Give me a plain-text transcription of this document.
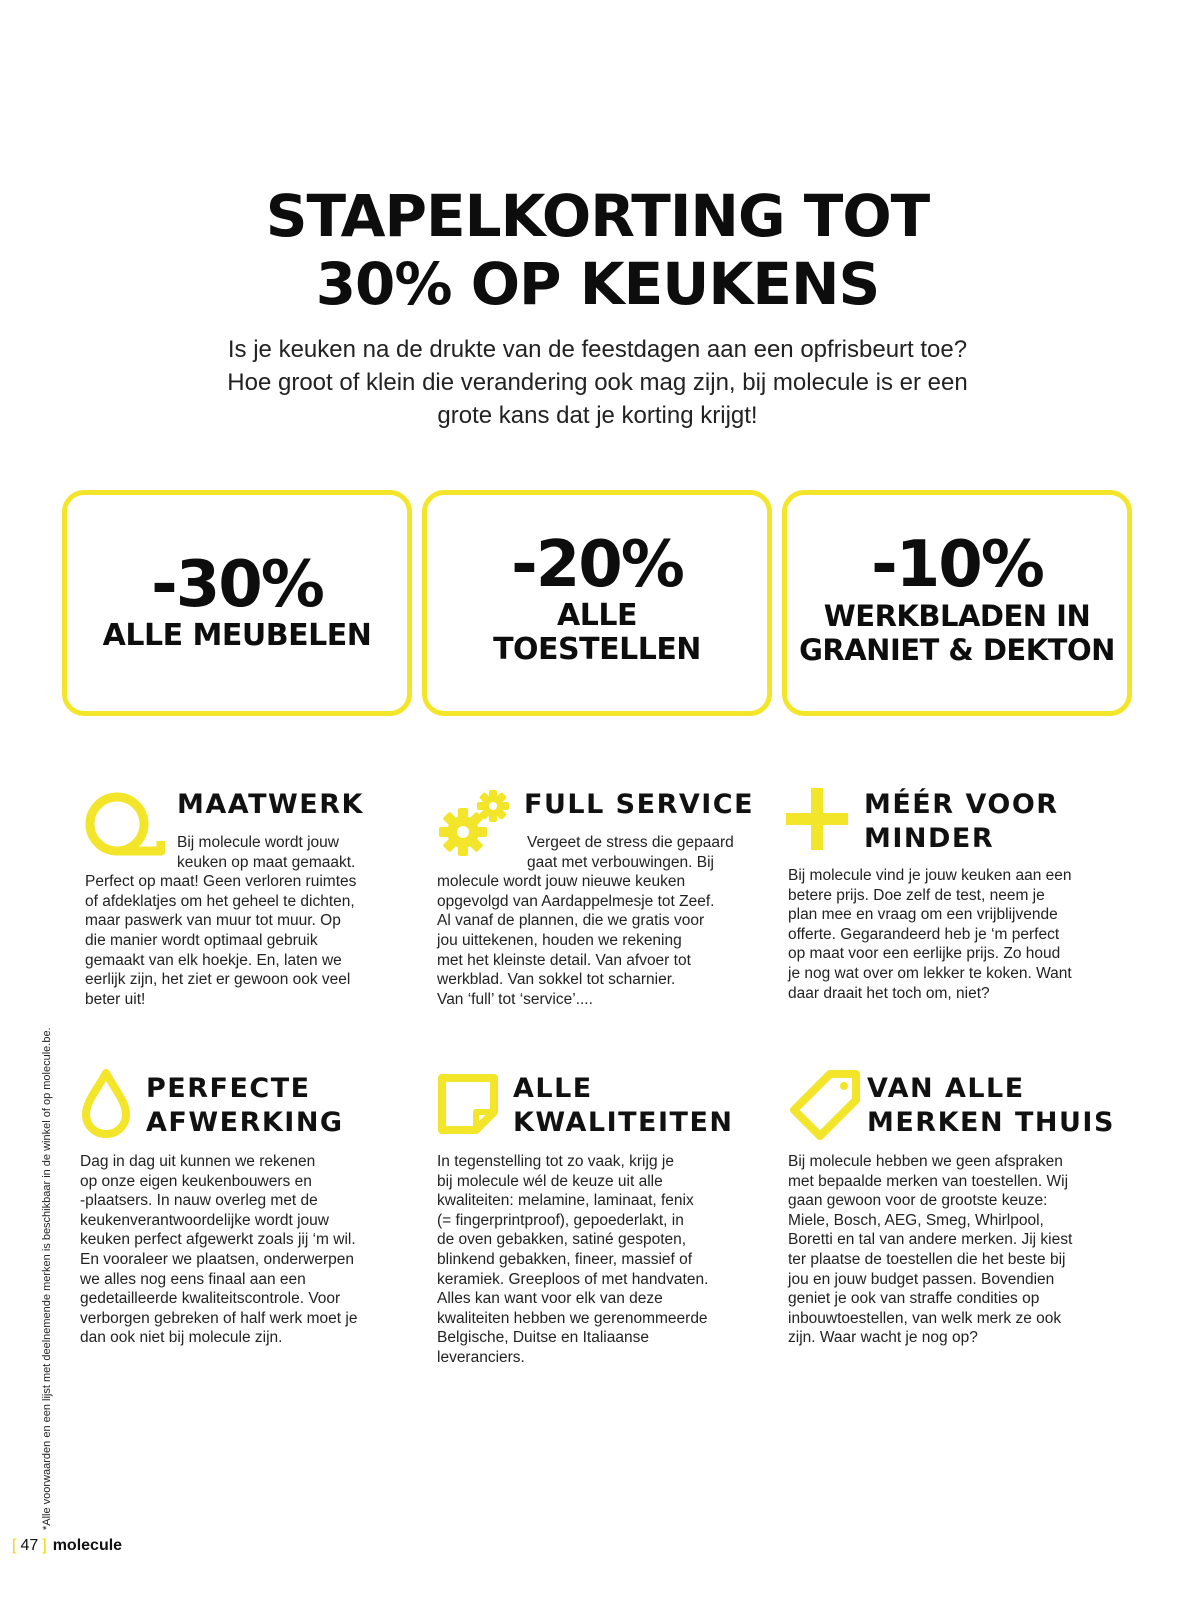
STAPELKORTING TOT
30% OP KEUKENS
Is je keuken na de drukte van de feestdagen aan een opfrisbeurt toe?
Hoe groot of klein die verandering ook mag zijn, bij molecule is er een
grote kans dat je korting krijgt!
-30%
ALLE MEUBELEN
-20%
ALLE
TOESTELLEN
-10%
WERKBLADEN IN
GRANIET & DEKTON
MAATWERK
Bij molecule wordt jouw
keuken op maat gemaakt.
Perfect op maat! Geen verloren ruimtes
of afdeklatjes om het geheel te dichten,
maar paswerk van muur tot muur. Op
die manier wordt optimaal gebruik
gemaakt van elk hoekje. En, laten we
eerlijk zijn, het ziet er gewoon ook veel
beter uit!
FULL SERVICE
Vergeet de stress die gepaard
gaat met verbouwingen. Bij
molecule wordt jouw nieuwe keuken
opgevolgd van Aardappelmesje tot Zeef.
Al vanaf de plannen, die we gratis voor
jou uittekenen, houden we rekening
met het kleinste detail. Van afvoer tot
werkblad. Van sokkel tot scharnier.
Van ‘full’ tot ‘service’....
MÉÉR VOOR
MINDER
Bij molecule vind je jouw keuken aan een
betere prijs. Doe zelf de test, neem je
plan mee en vraag om een vrijblijvende
offerte. Gegarandeerd heb je ‘m perfect
op maat voor een eerlijke prijs. Zo houd
je nog wat over om lekker te koken. Want
daar draait het toch om, niet?
PERFECTE
AFWERKING
Dag in dag uit kunnen we rekenen
op onze eigen keukenbouwers en
-plaatsers. In nauw overleg met de
keukenverantwoordelijke wordt jouw
keuken perfect afgewerkt zoals jij ‘m wil.
En vooraleer we plaatsen, onderwerpen
we alles nog eens finaal aan een
gedetailleerde kwaliteitscontrole. Voor
verborgen gebreken of half werk moet je
dan ook niet bij molecule zijn.
ALLE
KWALITEITEN
In tegenstelling tot zo vaak, krijg je
bij molecule wél de keuze uit alle
kwaliteiten: melamine, laminaat, fenix
(= fingerprintproof), gepoederlakt, in
de oven gebakken, satiné gespoten,
blinkend gebakken, fineer, massief of
keramiek. Greeploos of met handvaten.
Alles kan want voor elk van deze
kwaliteiten hebben we gerenommeerde
Belgische, Duitse en Italiaanse
leveranciers.
VAN ALLE
MERKEN THUIS
Bij molecule hebben we geen afspraken
met bepaalde merken van toestellen. Wij
gaan gewoon voor de grootste keuze:
Miele, Bosch, AEG, Smeg, Whirlpool,
Boretti en tal van andere merken. Jij kiest
ter plaatse de toestellen die het beste bij
jou en jouw budget passen. Bovendien
geniet je ook van straffe condities op
inbouwtoestellen, van welk merk ze ook
zijn. Waar wacht je nog op?
*Alle voorwaarden en een lijst met deelnemende merken is beschikbaar in de winkel of op molecule.be.
[ 47 ] molecule
